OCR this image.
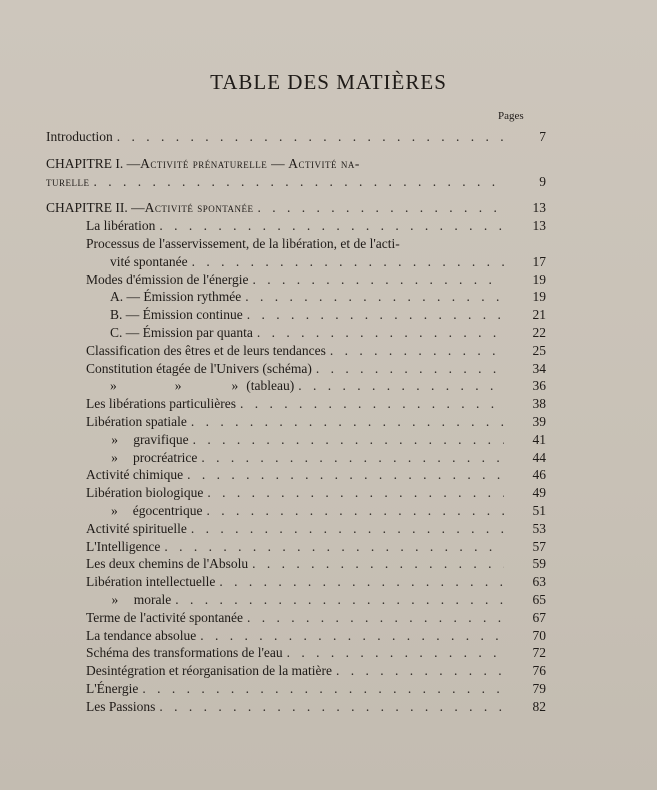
TABLE DES MATIÈRES
Pages
Introduction . . .	7
CHAPITRE I. — Activité prénaturelle — Activité na-
turelle . . .	9
CHAPITRE II. — Activité spontanée . . .	13
La libération . . .	13
Processus de l'asservissement, de la libération, et de l'acti-
vité spontanée . . .	17
Modes d'émission de l'énergie . . .	19
A. — Émission rythmée . . .	19
B. — Émission continue . . .	21
C. — Émission par quanta . . .	22
Classification des êtres et de leurs tendances . . .	25
Constitution étagée de l'Univers (schéma) . . .	34
»	»	» (tableau) . . .	36
Les libérations particulières . . .	38
Libération spatiale . . .	39
» gravifique . . .	41
» procréatrice . . .	44
Activité chimique . . .	46
Libération biologique . . .	49
» égocentrique . . .	51
Activité spirituelle . . .	53
L'Intelligence . . .	57
Les deux chemins de l'Absolu . . .	59
Libération intellectuelle . . .	63
» morale . . .	65
Terme de l'activité spontanée . . .	67
La tendance absolue . . .	70
Schéma des transformations de l'eau . . .	72
Desintégration et réorganisation de la matière . . .	76
L'Énergie . . .	79
Les Passions . . .	82
